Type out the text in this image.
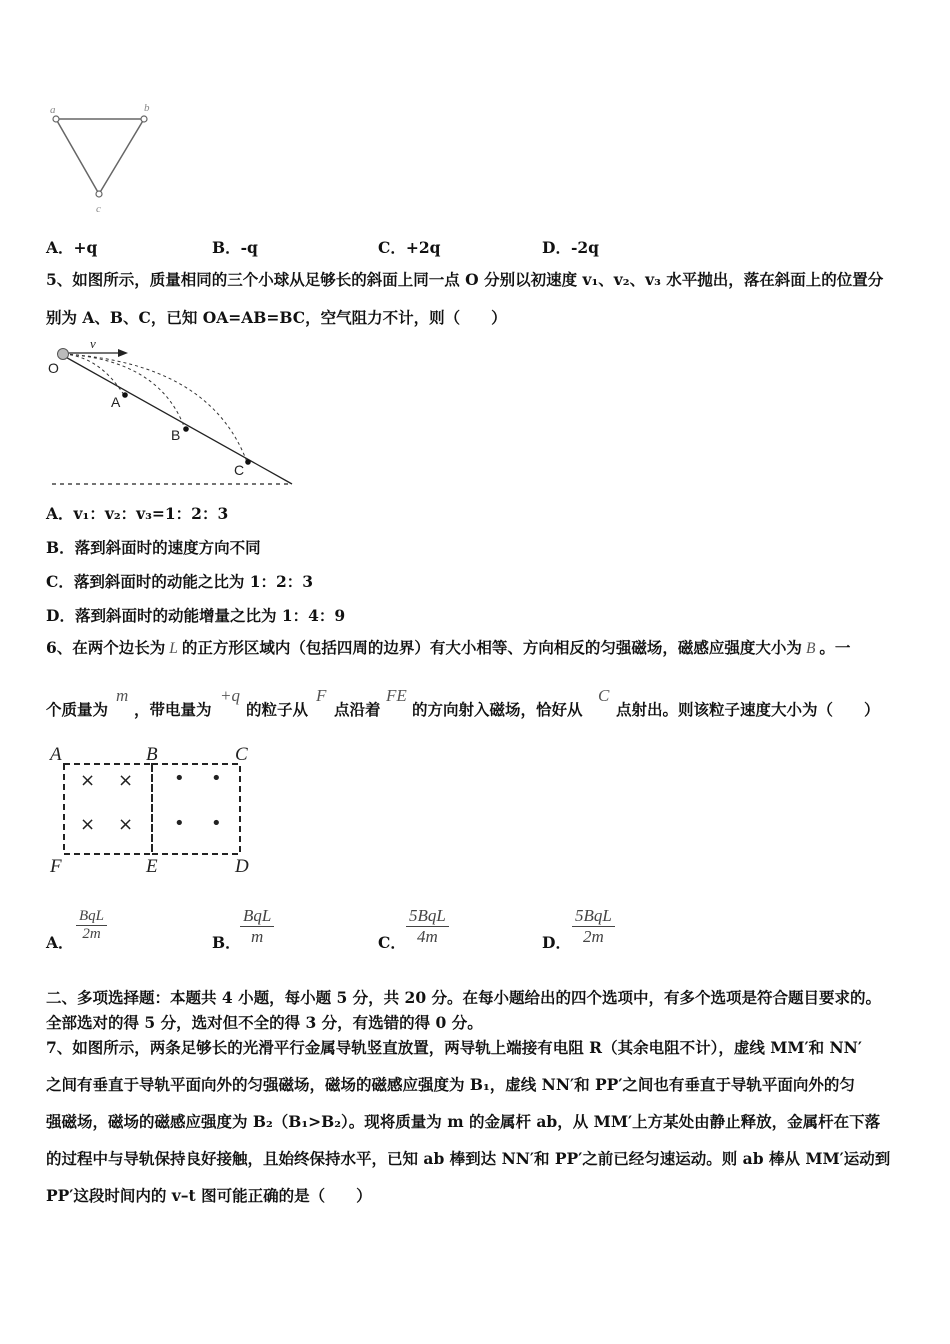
a	b
c
A．+q	B．-q	C．+2q	D．-2q
5、如图所示，质量相同的三个小球从足够长的斜面上同一点 O 分别以初速度 v₁、v₂、v₃ 水平抛出，落在斜面上的位置分
别为 A、B、C，已知 OA=AB=BC，空气阻力不计，则（　　）
v
O
A
B
C
A．v₁：v₂：v₃=1：2：3
B．落到斜面时的速度方向不同
C．落到斜面时的动能之比为 1：2：3
D．落到斜面时的动能增量之比为 1：4：9
6、在两个边长为 L 的正方形区域内（包括四周的边界）有大小相等、方向相反的匀强磁场，磁感应强度大小为 B 。一
个质量为
m
，带电量为
+q
的粒子从
F
点沿着
FE
的方向射入磁场，恰好从
C
点射出。则该粒子速度大小为（　　）
× ×
× ×
• •
• •
A	B	C
F	E	D
A．
BqL
2m	B．
BqL
m	C．
5BqL
4m	D．
5BqL
2m
二、多项选择题：本题共 4 小题，每小题 5 分，共 20 分。在每小题给出的四个选项中，有多个选项是符合题目要求的。
全部选对的得 5 分，选对但不全的得 3 分，有选错的得 0 分。
7、如图所示，两条足够长的光滑平行金属导轨竖直放置，两导轨上端接有电阻 R（其余电阻不计），虚线 MM′和 NN′
之间有垂直于导轨平面向外的匀强磁场，磁场的磁感应强度为 B₁，虚线 NN′和 PP′之间也有垂直于导轨平面向外的匀
强磁场，磁场的磁感应强度为 B₂（B₁>B₂）。现将质量为 m 的金属杆 ab，从 MM′上方某处由静止释放，金属杆在下落
的过程中与导轨保持良好接触，且始终保持水平，已知 ab 棒到达 NN′和 PP′之前已经匀速运动。则 ab 棒从 MM′运动到
PP′这段时间内的 v–t 图可能正确的是（　　）
